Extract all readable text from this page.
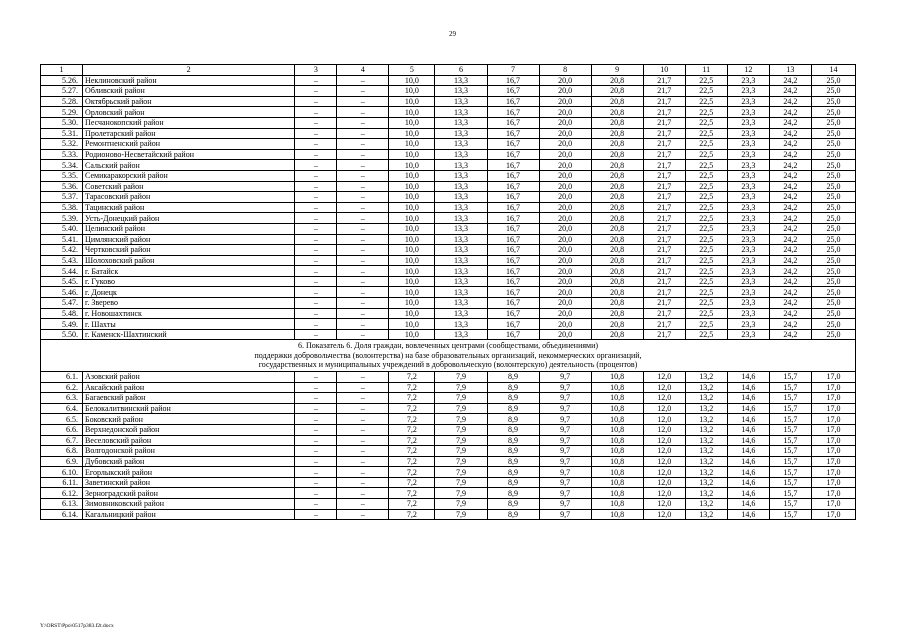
29
1	2	3	4	5	6	7	8	9	10	11	12	13	14
5.26.	Неклиновский район	–	–	10,0	13,3	16,7	20,0	20,8	21,7	22,5	23,3	24,2	25,0
5.27.	Обливский район	–	–	10,0	13,3	16,7	20,0	20,8	21,7	22,5	23,3	24,2	25,0
5.28.	Октябрьский район	–	–	10,0	13,3	16,7	20,0	20,8	21,7	22,5	23,3	24,2	25,0
5.29.	Орловский район	–	–	10,0	13,3	16,7	20,0	20,8	21,7	22,5	23,3	24,2	25,0
5.30.	Песчанокопский район	–	–	10,0	13,3	16,7	20,0	20,8	21,7	22,5	23,3	24,2	25,0
5.31.	Пролетарский район	–	–	10,0	13,3	16,7	20,0	20,8	21,7	22,5	23,3	24,2	25,0
5.32.	Ремонтненский район	–	–	10,0	13,3	16,7	20,0	20,8	21,7	22,5	23,3	24,2	25,0
5.33.	Родионово-Несветайский район	–	–	10,0	13,3	16,7	20,0	20,8	21,7	22,5	23,3	24,2	25,0
5.34.	Сальский район	–	–	10,0	13,3	16,7	20,0	20,8	21,7	22,5	23,3	24,2	25,0
5.35.	Семикаракорский район	–	–	10,0	13,3	16,7	20,0	20,8	21,7	22,5	23,3	24,2	25,0
5.36.	Советский район	–	–	10,0	13,3	16,7	20,0	20,8	21,7	22,5	23,3	24,2	25,0
5.37.	Тарасовский район	–	–	10,0	13,3	16,7	20,0	20,8	21,7	22,5	23,3	24,2	25,0
5.38.	Тацинский район	–	–	10,0	13,3	16,7	20,0	20,8	21,7	22,5	23,3	24,2	25,0
5.39.	Усть-Донецкий район	–	–	10,0	13,3	16,7	20,0	20,8	21,7	22,5	23,3	24,2	25,0
5.40.	Целинский район	–	–	10,0	13,3	16,7	20,0	20,8	21,7	22,5	23,3	24,2	25,0
5.41.	Цимлянский район	–	–	10,0	13,3	16,7	20,0	20,8	21,7	22,5	23,3	24,2	25,0
5.42.	Чертковский район	–	–	10,0	13,3	16,7	20,0	20,8	21,7	22,5	23,3	24,2	25,0
5.43.	Шолоховский район	–	–	10,0	13,3	16,7	20,0	20,8	21,7	22,5	23,3	24,2	25,0
5.44.	г. Батайск	–	–	10,0	13,3	16,7	20,0	20,8	21,7	22,5	23,3	24,2	25,0
5.45.	г. Гуково	–	–	10,0	13,3	16,7	20,0	20,8	21,7	22,5	23,3	24,2	25,0
5.46.	г. Донецк	–	–	10,0	13,3	16,7	20,0	20,8	21,7	22,5	23,3	24,2	25,0
5.47.	г. Зверево	–	–	10,0	13,3	16,7	20,0	20,8	21,7	22,5	23,3	24,2	25,0
5.48.	г. Новошахтинск	–	–	10,0	13,3	16,7	20,0	20,8	21,7	22,5	23,3	24,2	25,0
5.49.	г. Шахты	–	–	10,0	13,3	16,7	20,0	20,8	21,7	22,5	23,3	24,2	25,0
5.50.	г. Каменск-Шахтинский	–	–	10,0	13,3	16,7	20,0	20,8	21,7	22,5	23,3	24,2	25,0

6. Показатель 6. Доля граждан, вовлеченных центрами (сообществами, объединениями)
поддержки добровольчества (волонтерства) на базе образовательных организаций, некоммерческих организаций,
государственных и муниципальных учреждений в добровольческую (волонтерскую) деятельность (процентов)													

6.1.	Азовский район	–	–	7,2	7,9	8,9	9,7	10,8	12,0	13,2	14,6	15,7	17,0
6.2.	Аксайский район	–	–	7,2	7,9	8,9	9,7	10,8	12,0	13,2	14,6	15,7	17,0
6.3.	Багаевский район	–	–	7,2	7,9	8,9	9,7	10,8	12,0	13,2	14,6	15,7	17,0
6.4.	Белокалитвинский район	–	–	7,2	7,9	8,9	9,7	10,8	12,0	13,2	14,6	15,7	17,0
6.5.	Боковский район	–	–	7,2	7,9	8,9	9,7	10,8	12,0	13,2	14,6	15,7	17,0
6.6.	Верхнедонской район	–	–	7,2	7,9	8,9	9,7	10,8	12,0	13,2	14,6	15,7	17,0
6.7.	Веселовский район	–	–	7,2	7,9	8,9	9,7	10,8	12,0	13,2	14,6	15,7	17,0
6.8.	Волгодонской район	–	–	7,2	7,9	8,9	9,7	10,8	12,0	13,2	14,6	15,7	17,0
6.9.	Дубовский район	–	–	7,2	7,9	8,9	9,7	10,8	12,0	13,2	14,6	15,7	17,0
6.10.	Егорлыкский район	–	–	7,2	7,9	8,9	9,7	10,8	12,0	13,2	14,6	15,7	17,0
6.11.	Заветинский район	–	–	7,2	7,9	8,9	9,7	10,8	12,0	13,2	14,6	15,7	17,0
6.12.	Зерноградский район	–	–	7,2	7,9	8,9	9,7	10,8	12,0	13,2	14,6	15,7	17,0
6.13.	Зимовниковский район	–	–	7,2	7,9	8,9	9,7	10,8	12,0	13,2	14,6	15,7	17,0
6.14.	Кагальницкий район	–	–	7,2	7,9	8,9	9,7	10,8	12,0	13,2	14,6	15,7	17,0
Y:\ORST\Ppo\0517p383.f2t.docx
